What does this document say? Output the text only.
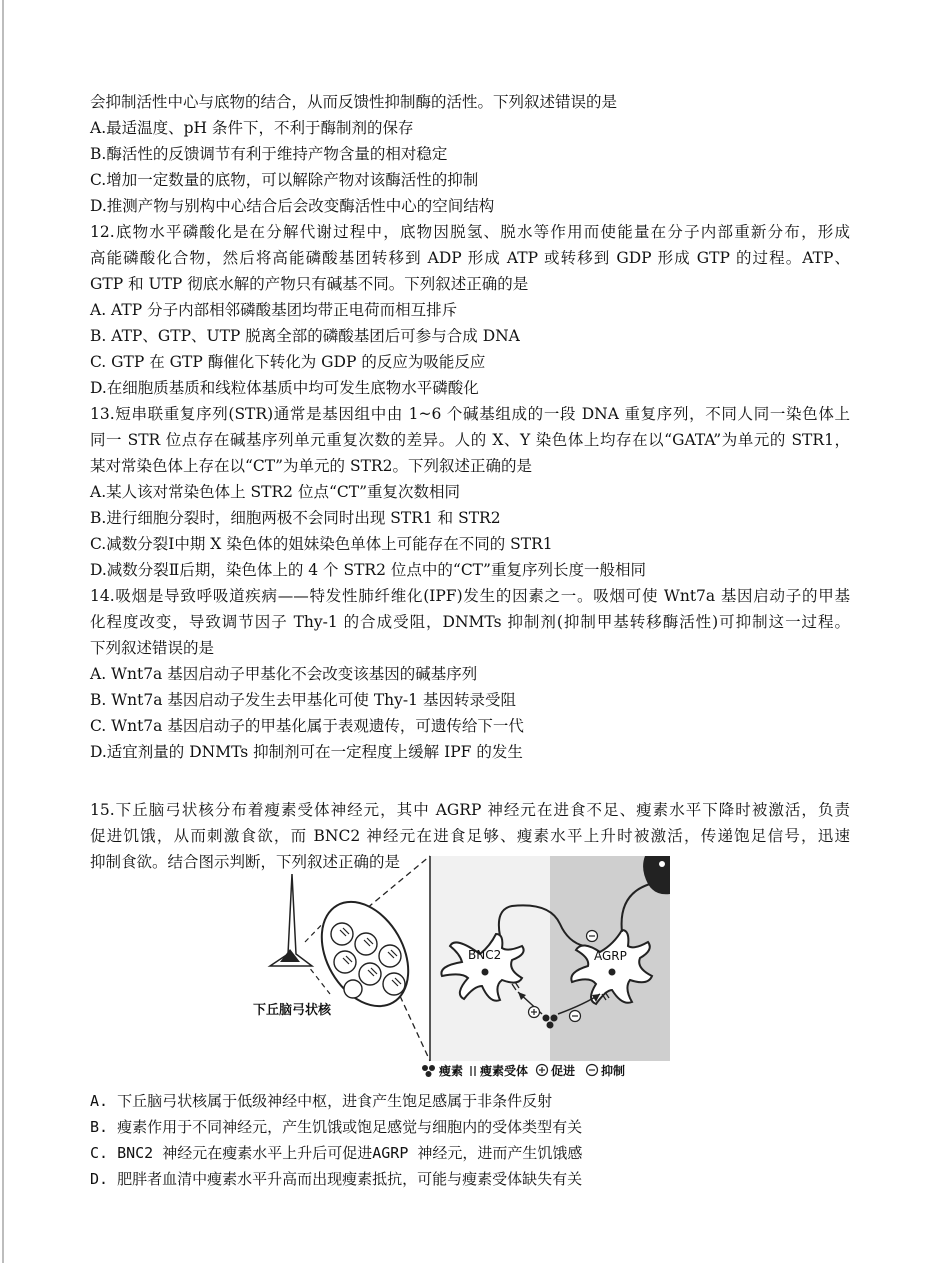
会抑制活性中心与底物的结合，从而反馈性抑制酶的活性。下列叙述错误的是
A.最适温度、pH 条件下，不利于酶制剂的保存
B.酶活性的反馈调节有利于维持产物含量的相对稳定
C.增加一定数量的底物，可以解除产物对该酶活性的抑制
D.推测产物与别构中心结合后会改变酶活性中心的空间结构
12.底物水平磷酸化是在分解代谢过程中，底物因脱氢、脱水等作用而使能量在分子内部重新分布，形成
高能磷酸化合物，然后将高能磷酸基团转移到 ADP 形成 ATP 或转移到 GDP 形成 GTP 的过程。ATP、
GTP 和 UTP 彻底水解的产物只有碱基不同。下列叙述正确的是
A. ATP 分子内部相邻磷酸基团均带正电荷而相互排斥
B. ATP、GTP、UTP 脱离全部的磷酸基团后可参与合成 DNA
C. GTP 在 GTP 酶催化下转化为 GDP 的反应为吸能反应
D.在细胞质基质和线粒体基质中均可发生底物水平磷酸化
13.短串联重复序列(STR)通常是基因组中由 1~6 个碱基组成的一段 DNA 重复序列，不同人同一染色体上
同一 STR 位点存在碱基序列单元重复次数的差异。人的 X、Y 染色体上均存在以“GATA”为单元的 STR1，
某对常染色体上存在以“CT”为单元的 STR2。下列叙述正确的是
A.某人该对常染色体上 STR2 位点“CT”重复次数相同
B.进行细胞分裂时，细胞两极不会同时出现 STR1 和 STR2
C.减数分裂Ⅰ中期 X 染色体的姐妹染色单体上可能存在不同的 STR1
D.减数分裂Ⅱ后期，染色体上的 4 个 STR2 位点中的“CT”重复序列长度一般相同
14.吸烟是导致呼吸道疾病——特发性肺纤维化(IPF)发生的因素之一。吸烟可使 Wnt7a 基因启动子的甲基
化程度改变，导致调节因子 Thy-1 的合成受阻，DNMTs 抑制剂(抑制甲基转移酶活性)可抑制这一过程。
下列叙述错误的是
A. Wnt7a 基因启动子甲基化不会改变该基因的碱基序列
B. Wnt7a 基因启动子发生去甲基化可使 Thy-1 基因转录受阻
C. Wnt7a 基因启动子的甲基化属于表观遗传，可遗传给下一代
D.适宜剂量的 DNMTs 抑制剂可在一定程度上缓解 IPF 的发生
15.下丘脑弓状核分布着瘦素受体神经元，其中 AGRP 神经元在进食不足、瘦素水平下降时被激活，负责
促进饥饿，从而刺激食欲，而 BNC2 神经元在进食足够、瘦素水平上升时被激活，传递饱足信号，迅速
抑制食欲。结合图示判断，下列叙述正确的是
下丘脑弓状核
BNC2	AGRP
瘦素 瘦素受体 促进 抑制
A. 下丘脑弓状核属于低级神经中枢，进食产生饱足感属于非条件反射
B. 瘦素作用于不同神经元，产生饥饿或饱足感觉与细胞内的受体类型有关
C. BNC2 神经元在瘦素水平上升后可促进AGRP 神经元，进而产生饥饿感
D. 肥胖者血清中瘦素水平升高而出现瘦素抵抗，可能与瘦素受体缺失有关
